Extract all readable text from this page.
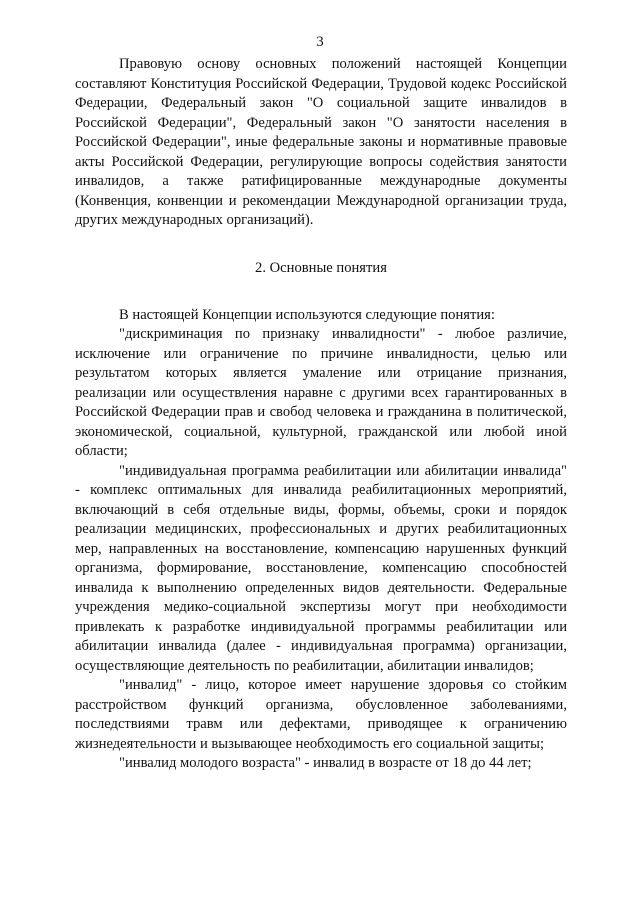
3

Правовую основу основных положений настоящей Концепции составляют Конституция Российской Федерации, Трудовой кодекс Российской Федерации, Федеральный закон "О социальной защите инвалидов в Российской Федерации", Федеральный закон "О занятости населения в Российской Федерации", иные федеральные законы и нормативные правовые акты Российской Федерации, регулирующие вопросы содействия занятости инвалидов, а также ратифицированные международные документы (Конвенция, конвенции и рекомендации Международной организации труда, других международных организаций).

2. Основные понятия

В настоящей Концепции используются следующие понятия:

"дискриминация по признаку инвалидности" - любое различие, исключение или ограничение по причине инвалидности, целью или результатом которых является умаление или отрицание признания, реализации или осуществления наравне с другими всех гарантированных в Российской Федерации прав и свобод человека и гражданина в политической, экономической, социальной, культурной, гражданской или любой иной области;

"индивидуальная программа реабилитации или абилитации инвалида" - комплекс оптимальных для инвалида реабилитационных мероприятий, включающий в себя отдельные виды, формы, объемы, сроки и порядок реализации медицинских, профессиональных и других реабилитационных мер, направленных на восстановление, компенсацию нарушенных функций организма, формирование, восстановление, компенсацию способностей инвалида к выполнению определенных видов деятельности. Федеральные учреждения медико-социальной экспертизы могут при необходимости привлекать к разработке индивидуальной программы реабилитации или абилитации инвалида (далее - индивидуальная программа) организации, осуществляющие деятельность по реабилитации, абилитации инвалидов;

"инвалид" - лицо, которое имеет нарушение здоровья со стойким расстройством функций организма, обусловленное заболеваниями, последствиями травм или дефектами, приводящее к ограничению жизнедеятельности и вызывающее необходимость его социальной защиты;

"инвалид молодого возраста" - инвалид в возрасте от 18 до 44 лет;
